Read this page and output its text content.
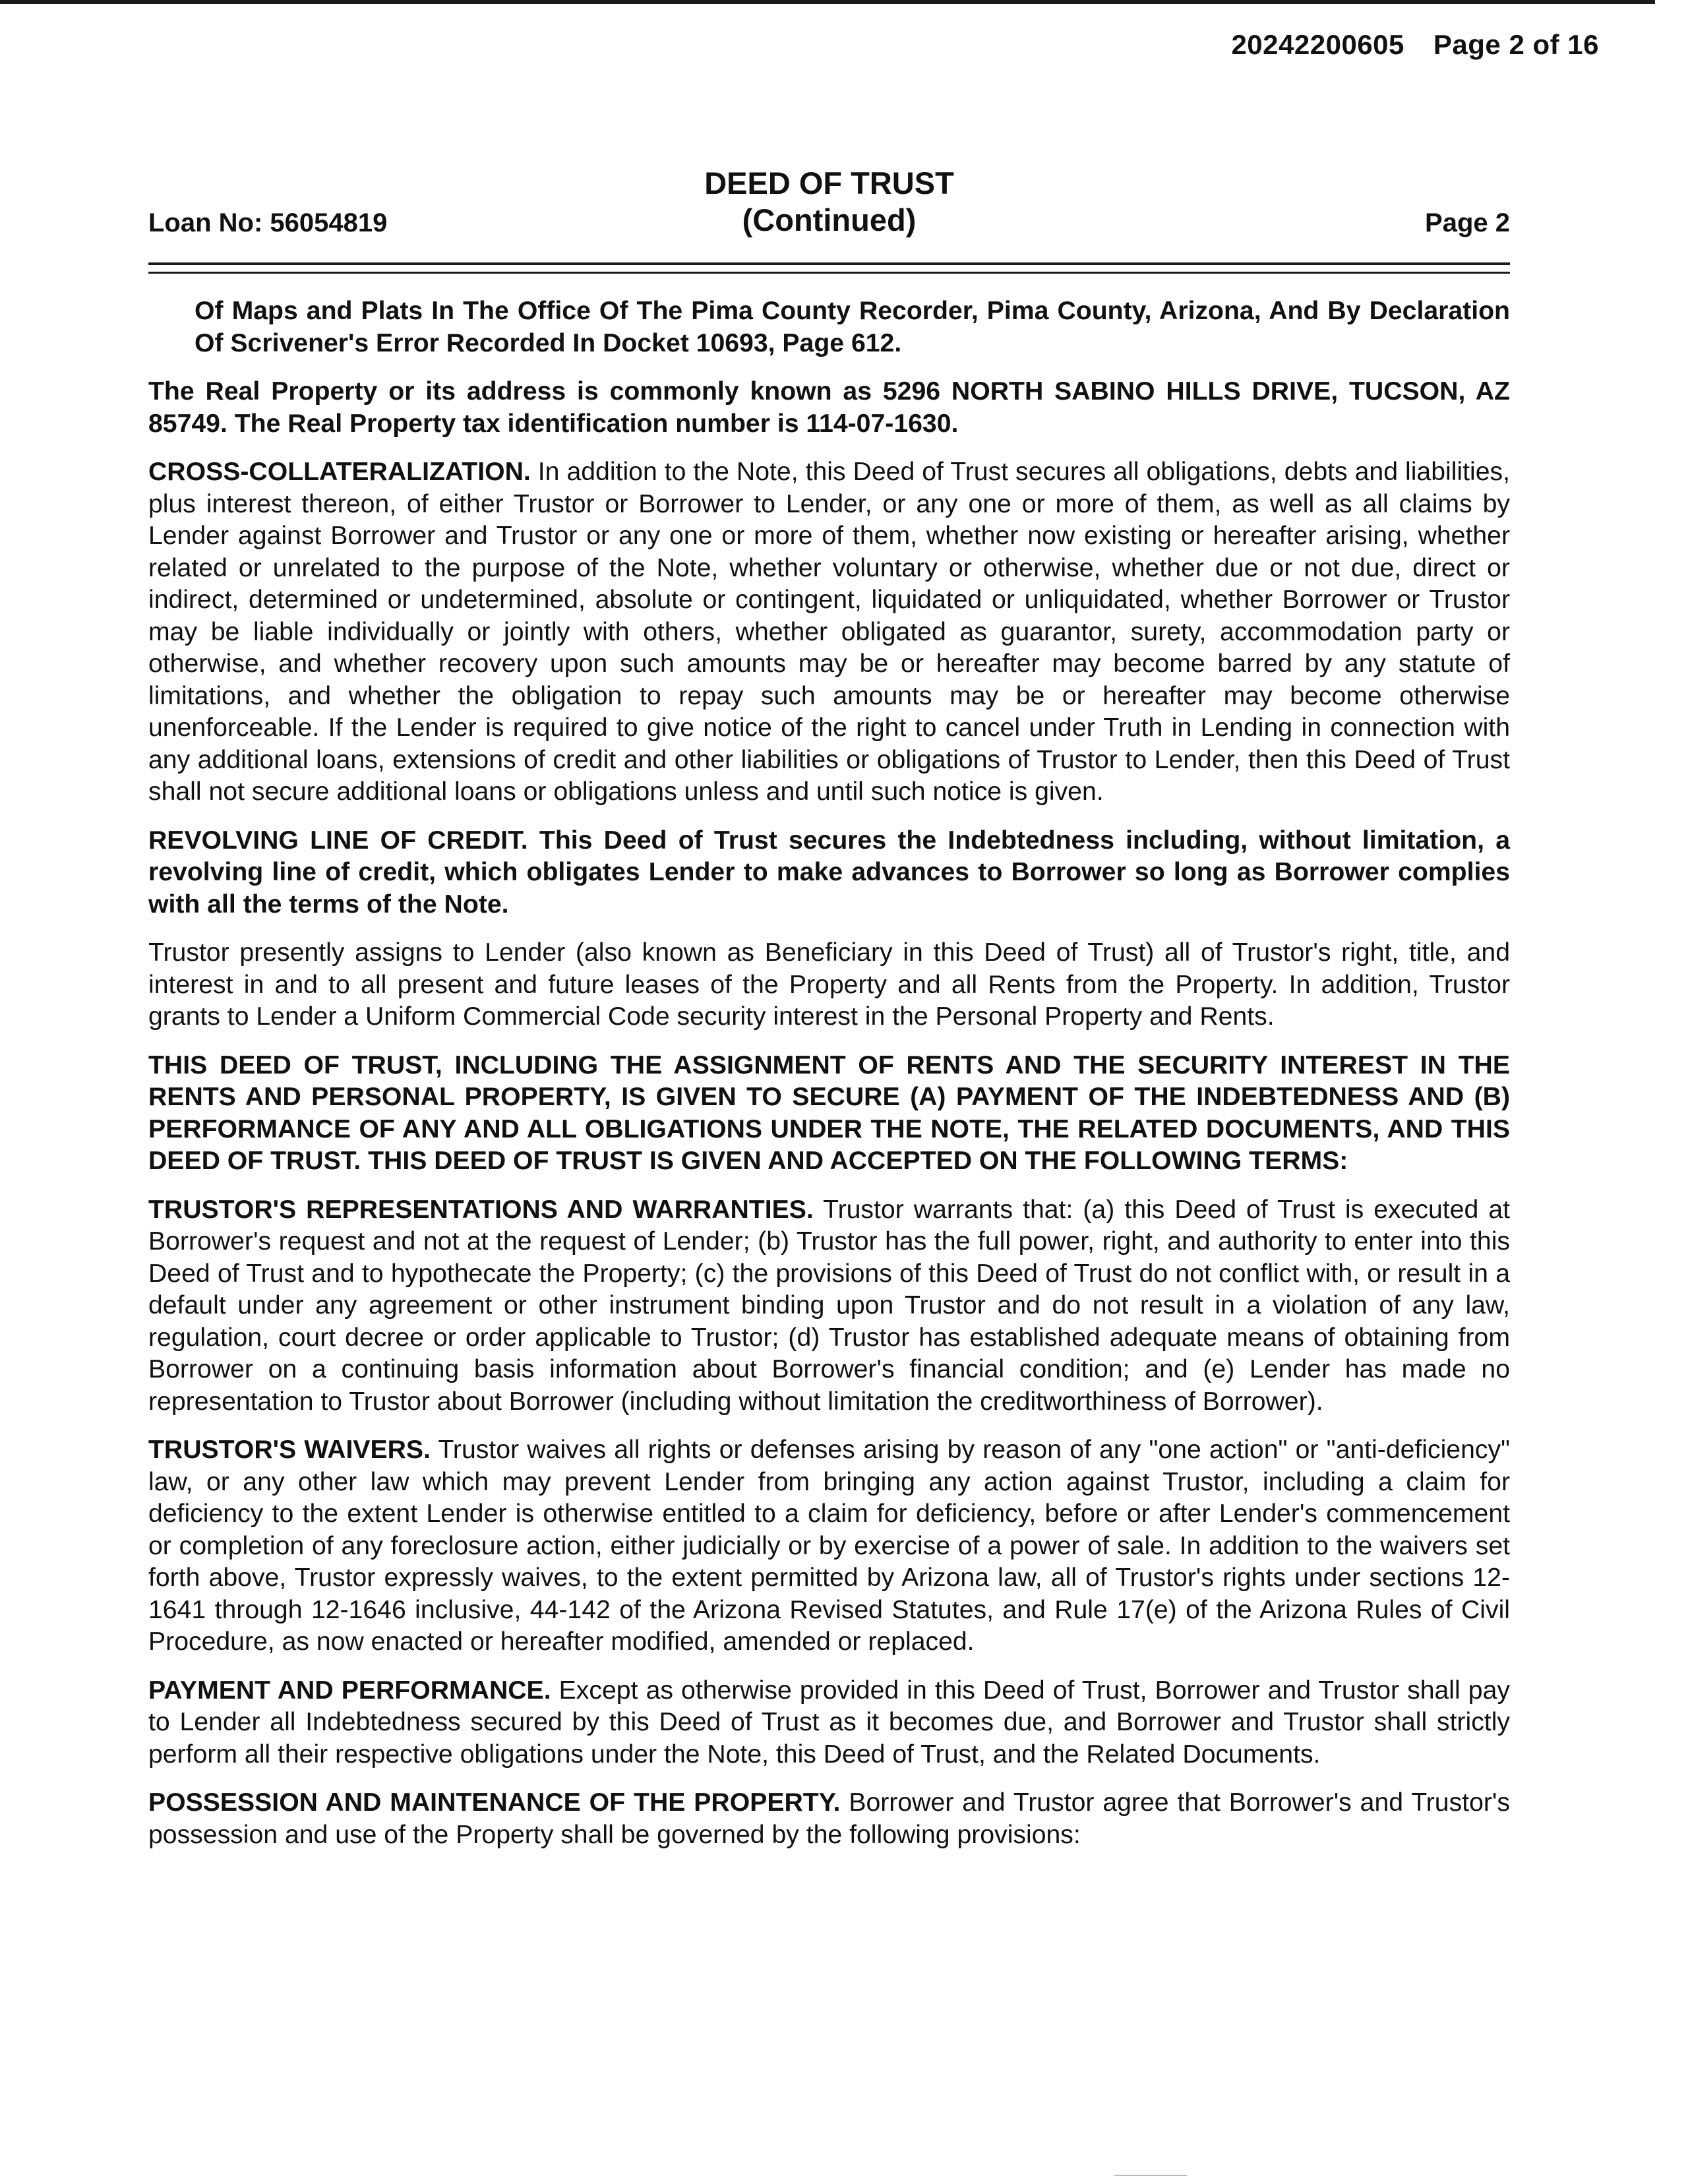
20242200605 Page 2 of 16
Loan No: 56054819
DEED OF TRUST
(Continued)	Page 2

Of Maps and Plats In The Office Of The Pima County Recorder, Pima County, Arizona, And By Declaration Of Scrivener's Error Recorded In Docket 10693, Page 612.

The Real Property or its address is commonly known as 5296 NORTH SABINO HILLS DRIVE, TUCSON, AZ 85749. The Real Property tax identification number is 114-07-1630.

CROSS-COLLATERALIZATION. In addition to the Note, this Deed of Trust secures all obligations, debts and liabilities, plus interest thereon, of either Trustor or Borrower to Lender, or any one or more of them, as well as all claims by Lender against Borrower and Trustor or any one or more of them, whether now existing or hereafter arising, whether related or unrelated to the purpose of the Note, whether voluntary or otherwise, whether due or not due, direct or indirect, determined or undetermined, absolute or contingent, liquidated or unliquidated, whether Borrower or Trustor may be liable individually or jointly with others, whether obligated as guarantor, surety, accommodation party or otherwise, and whether recovery upon such amounts may be or hereafter may become barred by any statute of limitations, and whether the obligation to repay such amounts may be or hereafter may become otherwise unenforceable. If the Lender is required to give notice of the right to cancel under Truth in Lending in connection with any additional loans, extensions of credit and other liabilities or obligations of Trustor to Lender, then this Deed of Trust shall not secure additional loans or obligations unless and until such notice is given.

REVOLVING LINE OF CREDIT. This Deed of Trust secures the Indebtedness including, without limitation, a revolving line of credit, which obligates Lender to make advances to Borrower so long as Borrower complies with all the terms of the Note.

Trustor presently assigns to Lender (also known as Beneficiary in this Deed of Trust) all of Trustor's right, title, and interest in and to all present and future leases of the Property and all Rents from the Property. In addition, Trustor grants to Lender a Uniform Commercial Code security interest in the Personal Property and Rents.

THIS DEED OF TRUST, INCLUDING THE ASSIGNMENT OF RENTS AND THE SECURITY INTEREST IN THE RENTS AND PERSONAL PROPERTY, IS GIVEN TO SECURE (A) PAYMENT OF THE INDEBTEDNESS AND (B) PERFORMANCE OF ANY AND ALL OBLIGATIONS UNDER THE NOTE, THE RELATED DOCUMENTS, AND THIS DEED OF TRUST. THIS DEED OF TRUST IS GIVEN AND ACCEPTED ON THE FOLLOWING TERMS:

TRUSTOR'S REPRESENTATIONS AND WARRANTIES. Trustor warrants that: (a) this Deed of Trust is executed at Borrower's request and not at the request of Lender; (b) Trustor has the full power, right, and authority to enter into this Deed of Trust and to hypothecate the Property; (c) the provisions of this Deed of Trust do not conflict with, or result in a default under any agreement or other instrument binding upon Trustor and do not result in a violation of any law, regulation, court decree or order applicable to Trustor; (d) Trustor has established adequate means of obtaining from Borrower on a continuing basis information about Borrower's financial condition; and (e) Lender has made no representation to Trustor about Borrower (including without limitation the creditworthiness of Borrower).

TRUSTOR'S WAIVERS. Trustor waives all rights or defenses arising by reason of any "one action" or "anti-deficiency" law, or any other law which may prevent Lender from bringing any action against Trustor, including a claim for deficiency to the extent Lender is otherwise entitled to a claim for deficiency, before or after Lender's commencement or completion of any foreclosure action, either judicially or by exercise of a power of sale. In addition to the waivers set forth above, Trustor expressly waives, to the extent permitted by Arizona law, all of Trustor's rights under sections 12-1641 through 12-1646 inclusive, 44-142 of the Arizona Revised Statutes, and Rule 17(e) of the Arizona Rules of Civil Procedure, as now enacted or hereafter modified, amended or replaced.

PAYMENT AND PERFORMANCE. Except as otherwise provided in this Deed of Trust, Borrower and Trustor shall pay to Lender all Indebtedness secured by this Deed of Trust as it becomes due, and Borrower and Trustor shall strictly perform all their respective obligations under the Note, this Deed of Trust, and the Related Documents.

POSSESSION AND MAINTENANCE OF THE PROPERTY. Borrower and Trustor agree that Borrower's and Trustor's possession and use of the Property shall be governed by the following provisions:
